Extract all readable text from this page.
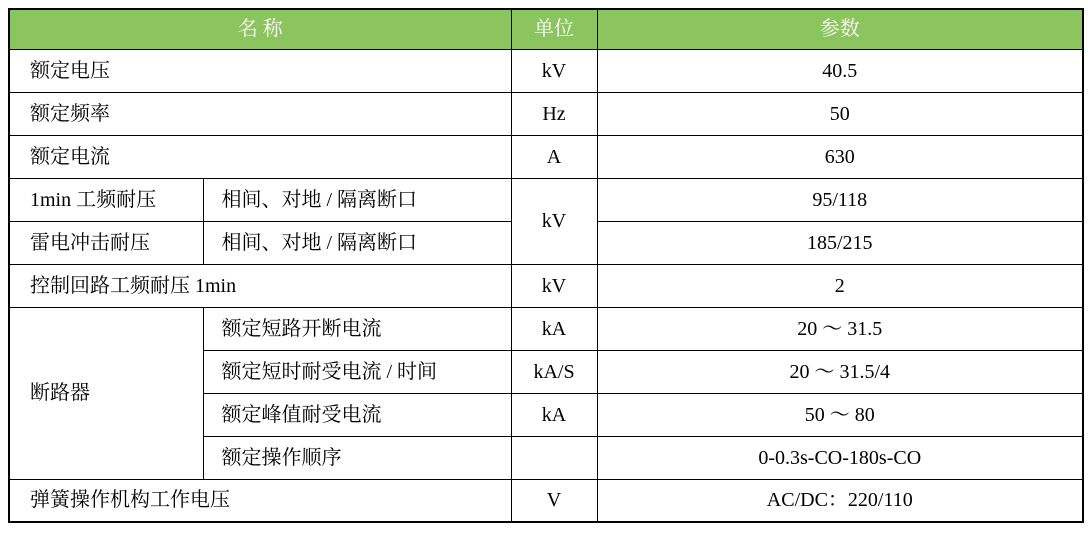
名 称		单位	参数
额定电压		kV	40.5
额定频率		Hz	50
额定电流		A	630
1min 工频耐压	相间、对地 / 隔离断口	kV	95/118
雷电冲击耐压	相间、对地 / 隔离断口		185/215
控制回路工频耐压 1min		kV	2
断路器	额定短路开断电流	kA	20 ～ 31.5
	额定短时耐受电流 / 时间	kA/S	20 ～ 31.5/4
	额定峰值耐受电流	kA	50 ～ 80
	额定操作顺序		0-0.3s-CO-180s-CO
弹簧操作机构工作电压		V	AC/DC：220/110
